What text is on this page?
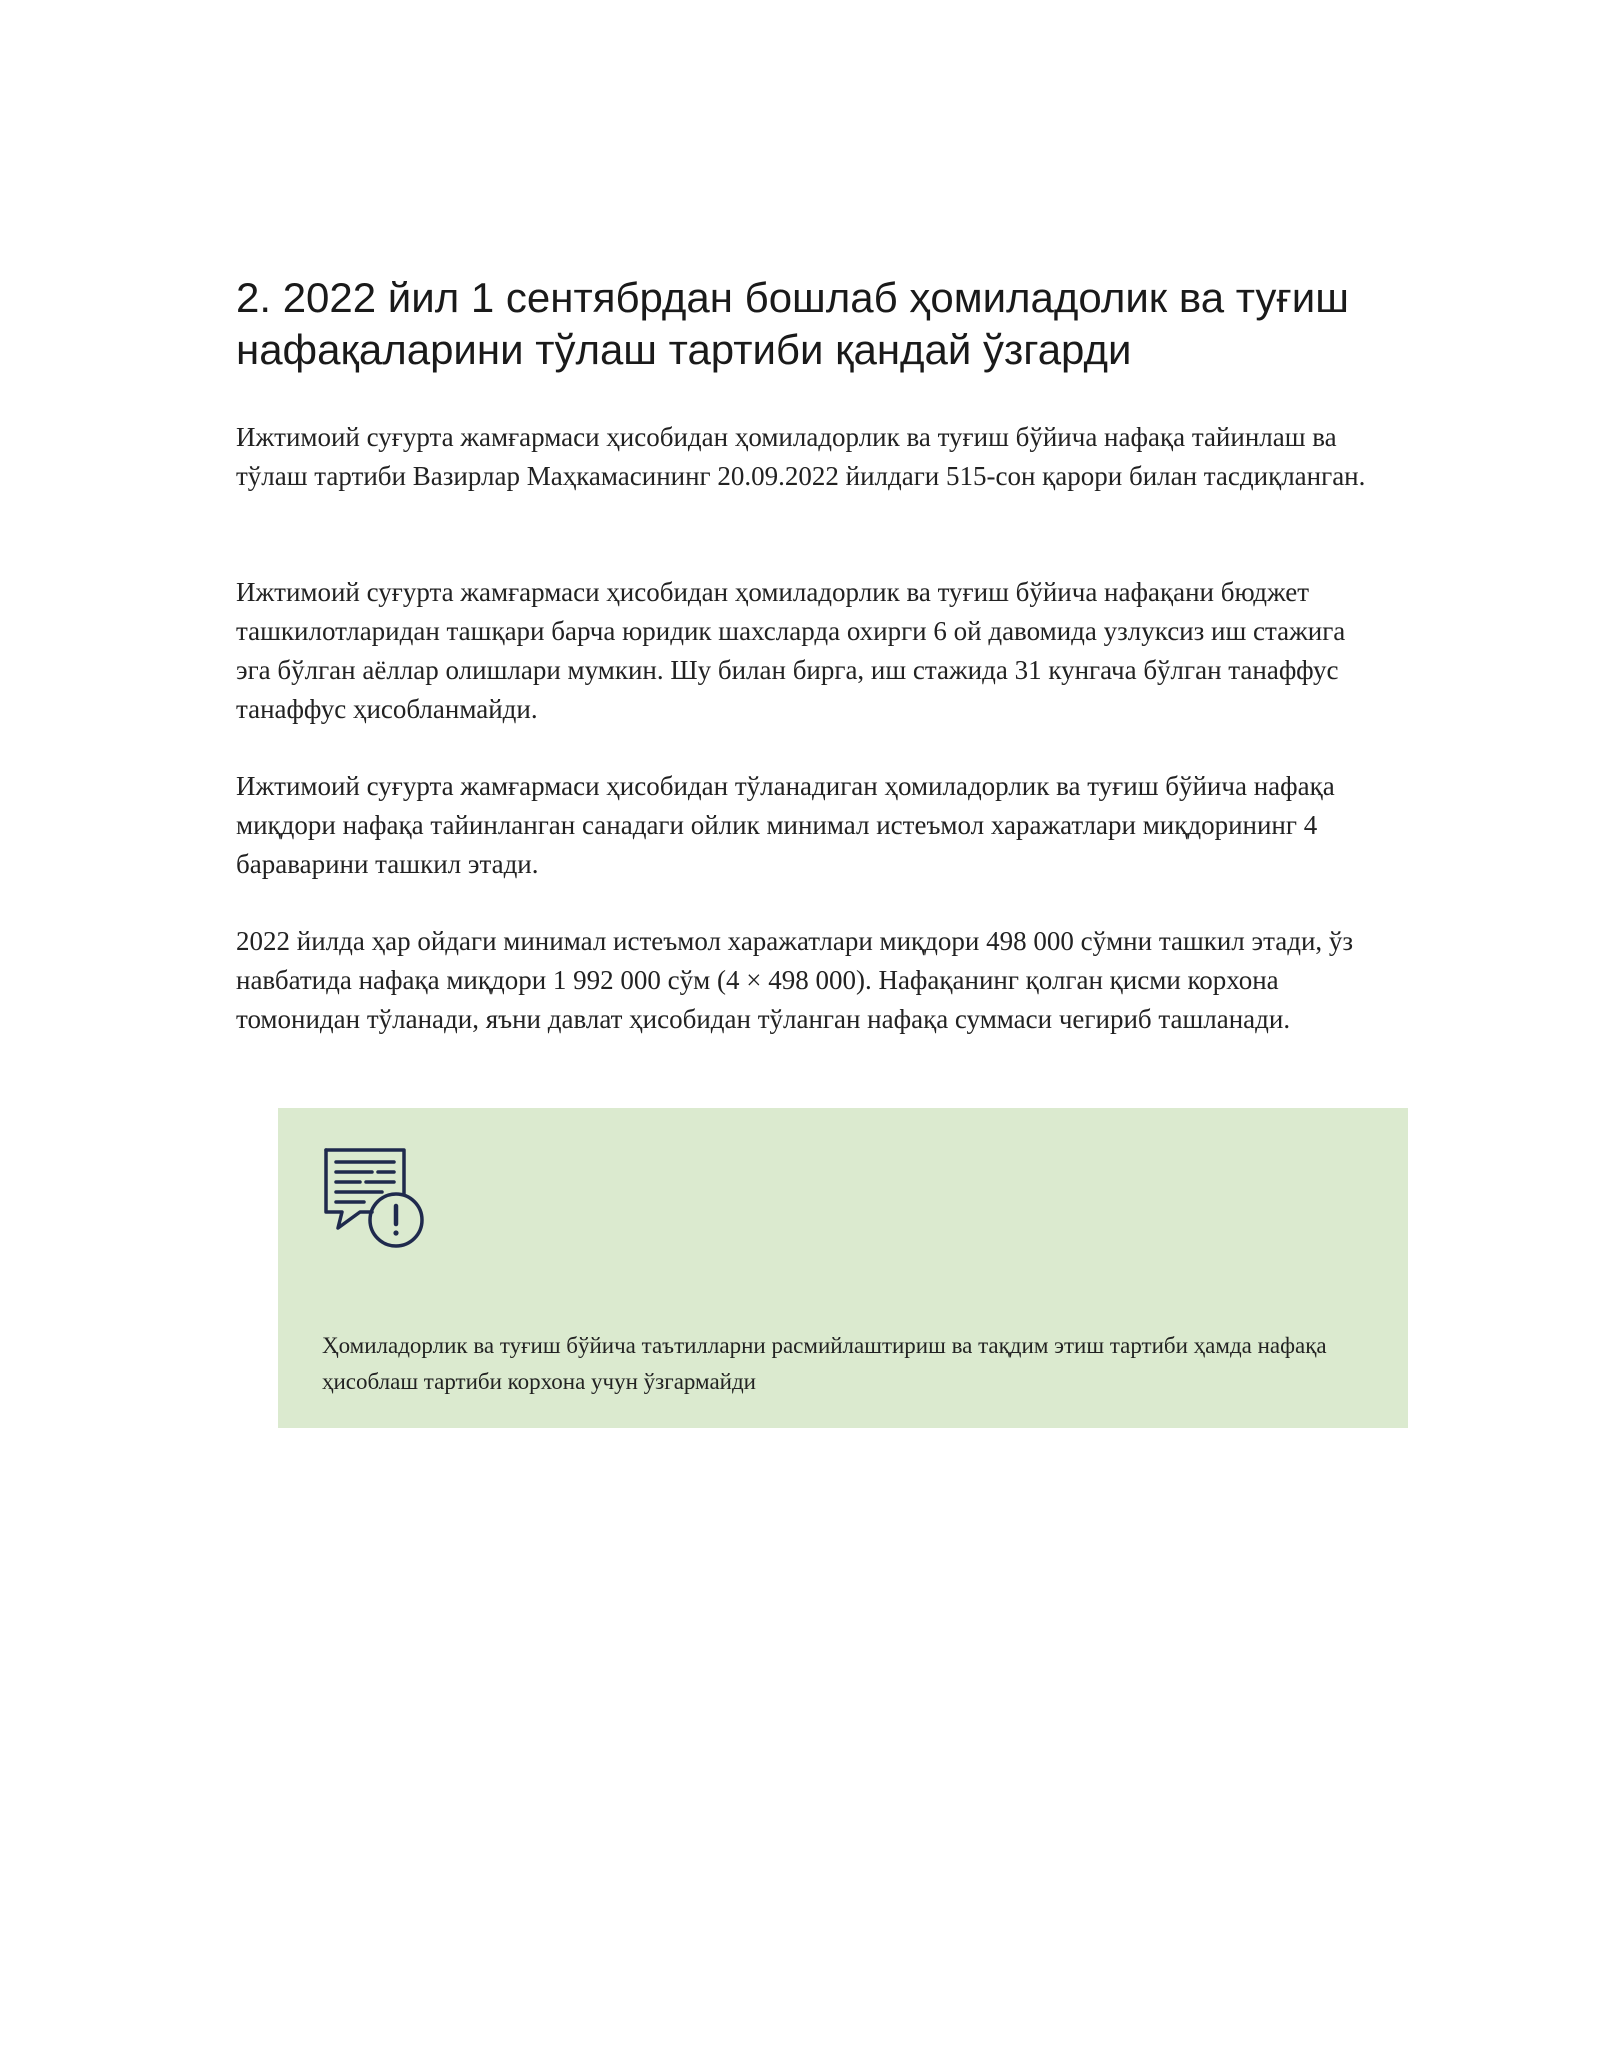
2. 2022 йил 1 сентябрдан бошлаб ҳомиладолик ва туғиш нафақаларини тўлаш тартиби қандай ўзгарди

Ижтимоий суғурта жамғармаси ҳисобидан ҳомиладорлик ва туғиш бўйича нафақа тайинлаш ва тўлаш тартиби Вазирлар Маҳкамасининг 20.09.2022 йилдаги 515-сон қарори билан тасдиқланган.

Ижтимоий суғурта жамғармаси ҳисобидан ҳомиладорлик ва туғиш бўйича нафақани бюджет ташкилотларидан ташқари барча юридик шахсларда охирги 6 ой давомида узлуксиз иш стажига эга бўлган аёллар олишлари мумкин. Шу билан бирга, иш стажида 31 кунгача бўлган танаффус танаффус ҳисобланмайди.

Ижтимоий суғурта жамғармаси ҳисобидан тўланадиган ҳомиладорлик ва туғиш бўйича нафақа миқдори нафақа тайинланган санадаги ойлик минимал истеъмол харажатлари миқдорининг 4 бараварини ташкил этади.

2022 йилда ҳар ойдаги минимал истеъмол харажатлари миқдори 498 000 сўмни ташкил этади, ўз навбатида нафақа миқдори 1 992 000 сўм (4 × 498 000). Нафақанинг қолган қисми корхона томонидан тўланади, яъни давлат ҳисобидан тўланган нафақа суммаси чегириб ташланади.

Ҳомиладорлик ва туғиш бўйича таътилларни расмийлаштириш ва тақдим этиш тартиби ҳамда нафақа ҳисоблаш тартиби корхона учун ўзгармайди
